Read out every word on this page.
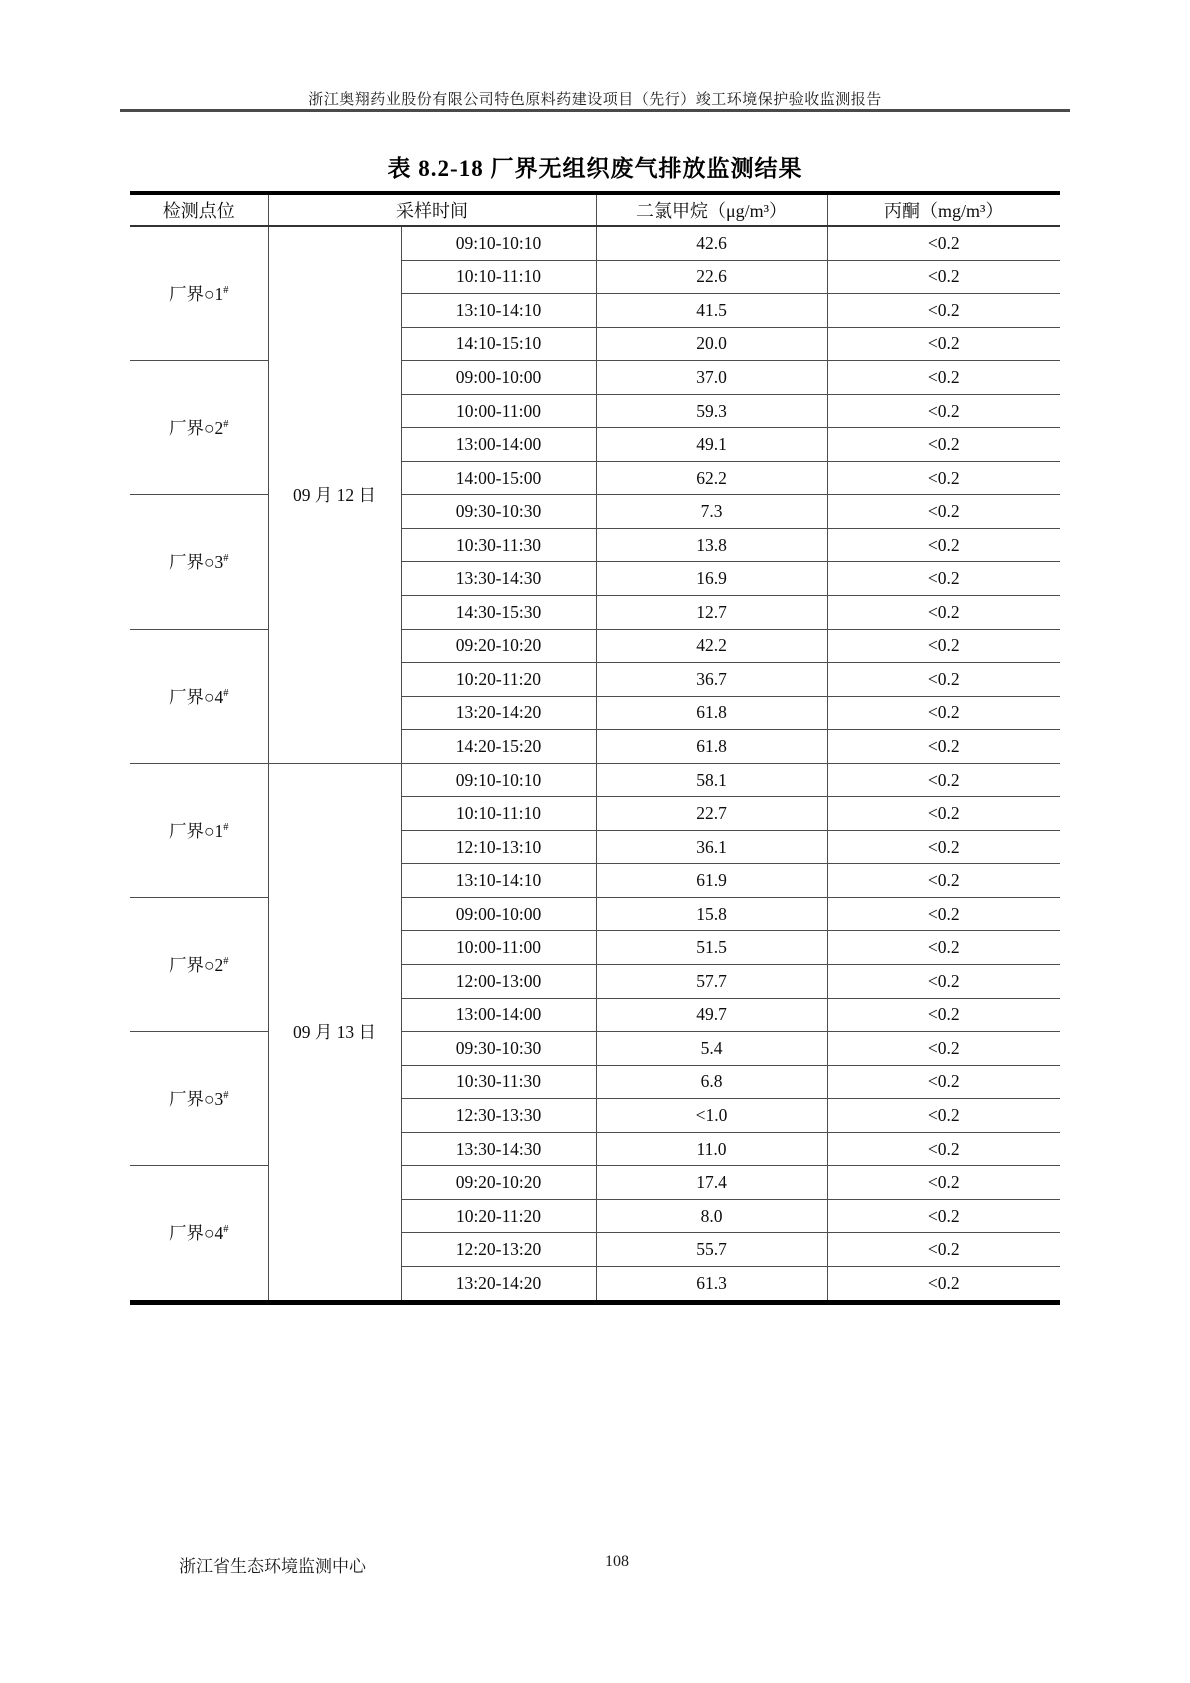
浙江奥翔药业股份有限公司特色原料药建设项目（先行）竣工环境保护验收监测报告
表 8.2-18 厂界无组织废气排放监测结果
检测点位	采样时间		二氯甲烷（μg/m³）	丙酮（mg/m³）
厂界○1#	09 月 12 日	09:10-10:10	42.6	<0.2
		10:10-11:10	22.6	<0.2
		13:10-14:10	41.5	<0.2
		14:10-15:10	20.0	<0.2
厂界○2#		09:00-10:00	37.0	<0.2
		10:00-11:00	59.3	<0.2
		13:00-14:00	49.1	<0.2
		14:00-15:00	62.2	<0.2
厂界○3#		09:30-10:30	7.3	<0.2
		10:30-11:30	13.8	<0.2
		13:30-14:30	16.9	<0.2
		14:30-15:30	12.7	<0.2
厂界○4#		09:20-10:20	42.2	<0.2
		10:20-11:20	36.7	<0.2
		13:20-14:20	61.8	<0.2
		14:20-15:20	61.8	<0.2
厂界○1#	09 月 13 日	09:10-10:10	58.1	<0.2
		10:10-11:10	22.7	<0.2
		12:10-13:10	36.1	<0.2
		13:10-14:10	61.9	<0.2
厂界○2#		09:00-10:00	15.8	<0.2
		10:00-11:00	51.5	<0.2
		12:00-13:00	57.7	<0.2
		13:00-14:00	49.7	<0.2
厂界○3#		09:30-10:30	5.4	<0.2
		10:30-11:30	6.8	<0.2
		12:30-13:30	<1.0	<0.2
		13:30-14:30	11.0	<0.2
厂界○4#		09:20-10:20	17.4	<0.2
		10:20-11:20	8.0	<0.2
		12:20-13:20	55.7	<0.2
		13:20-14:20	61.3	<0.2
浙江省生态环境监测中心	108
